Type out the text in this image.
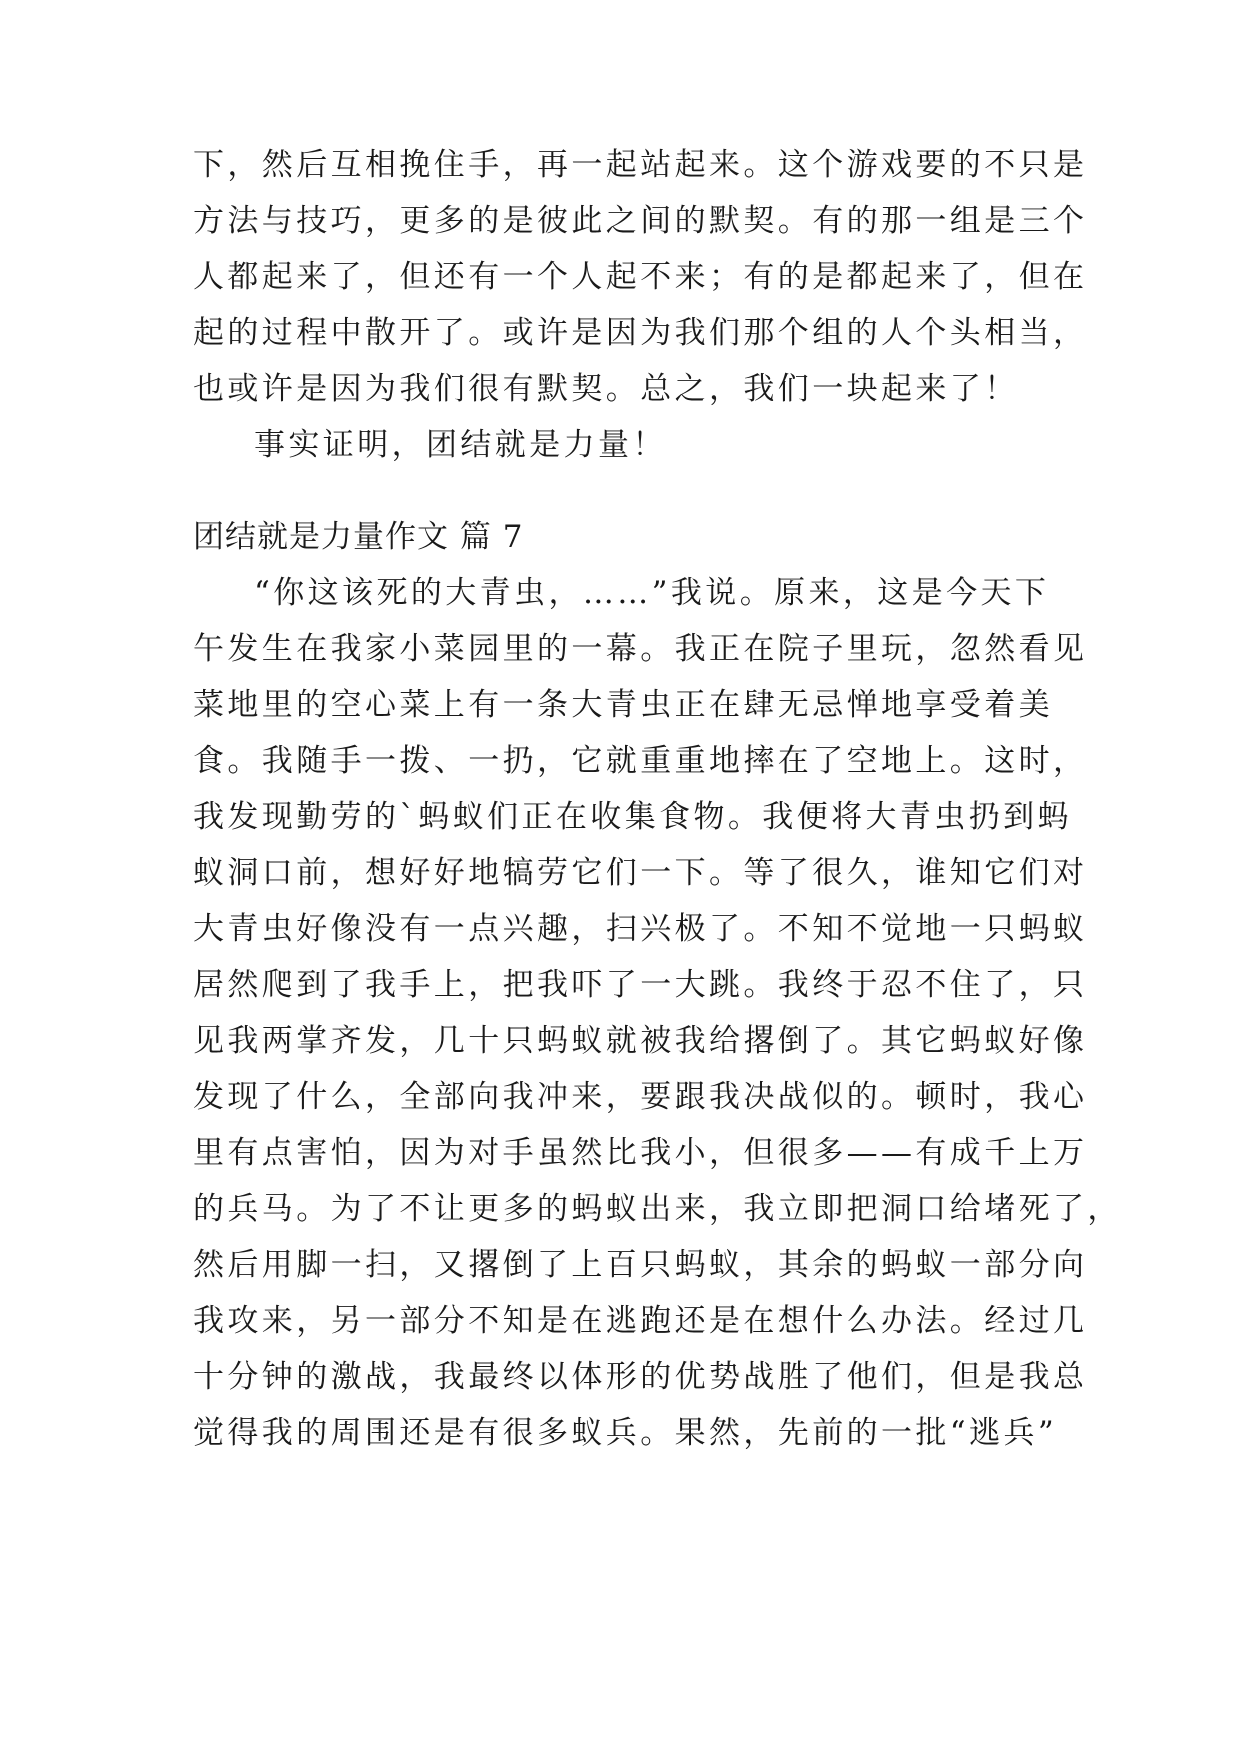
下，然后互相挽住手，再一起站起来。这个游戏要的不只是
方法与技巧，更多的是彼此之间的默契。有的那一组是三个
人都起来了，但还有一个人起不来；有的是都起来了，但在
起的过程中散开了。或许是因为我们那个组的人个头相当，
也或许是因为我们很有默契。总之，我们一块起来了！
事实证明，团结就是力量！
团结就是力量作文 篇 7
“你这该死的大青虫，……”我说。原来，这是今天下
午发生在我家小菜园里的一幕。我正在院子里玩，忽然看见
菜地里的空心菜上有一条大青虫正在肆无忌惮地享受着美
食。我随手一拨、一扔，它就重重地摔在了空地上。这时，
我发现勤劳的`蚂蚁们正在收集食物。我便将大青虫扔到蚂
蚁洞口前，想好好地犒劳它们一下。等了很久，谁知它们对
大青虫好像没有一点兴趣，扫兴极了。不知不觉地一只蚂蚁
居然爬到了我手上，把我吓了一大跳。我终于忍不住了，只
见我两掌齐发，几十只蚂蚁就被我给撂倒了。其它蚂蚁好像
发现了什么，全部向我冲来，要跟我决战似的。顿时，我心
里有点害怕，因为对手虽然比我小，但很多——有成千上万
的兵马。为了不让更多的蚂蚁出来，我立即把洞口给堵死了，
然后用脚一扫，又撂倒了上百只蚂蚁，其余的蚂蚁一部分向
我攻来，另一部分不知是在逃跑还是在想什么办法。经过几
十分钟的激战，我最终以体形的优势战胜了他们，但是我总
觉得我的周围还是有很多蚁兵。果然，先前的一批“逃兵”
